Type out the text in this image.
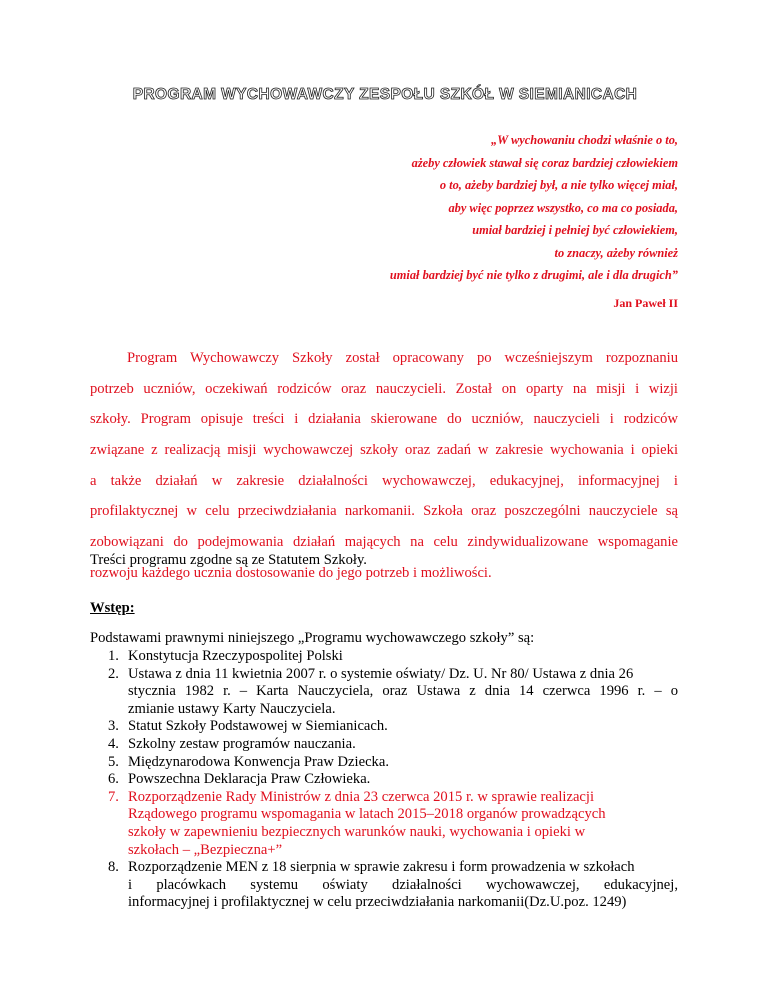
PROGRAM WYCHOWAWCZY ZESPOŁU SZKÓŁ W SIEMIANICACH
„W wychowaniu chodzi właśnie o to,
ażeby człowiek stawał się coraz bardziej człowiekiem
o to, ażeby bardziej był, a nie tylko więcej miał,
aby więc poprzez wszystko, co ma co posiada,
umiał bardziej i pełniej być człowiekiem,
to znaczy, ażeby również
umiał bardziej być nie tylko z drugimi, ale i dla drugich”
Jan Paweł II
Program Wychowawczy Szkoły został opracowany po wcześniejszym rozpoznaniu
potrzeb uczniów, oczekiwań rodziców oraz nauczycieli. Został on oparty na misji i wizji
szkoły. Program opisuje treści i działania skierowane do uczniów, nauczycieli i rodziców
związane z realizacją misji wychowawczej szkoły oraz zadań w zakresie wychowania i opieki
a także działań w zakresie działalności wychowawczej, edukacyjnej, informacyjnej i
profilaktycznej w celu przeciwdziałania narkomanii. Szkoła oraz poszczególni nauczyciele są
zobowiązani do podejmowania działań mających na celu zindywidualizowane wspomaganie
rozwoju każdego ucznia dostosowanie do jego potrzeb i możliwości.
Treści programu zgodne są ze Statutem Szkoły.
Wstęp:
Podstawami prawnymi niniejszego „Programu wychowawczego szkoły” są:
1. Konstytucja Rzeczypospolitej Polski
2. Ustawa z dnia 11 kwietnia 2007 r. o systemie oświaty/ Dz. U. Nr 80/ Ustawa z dnia 26
stycznia 1982 r. – Karta Nauczyciela, oraz Ustawa z dnia 14 czerwca 1996 r. – o
zmianie ustawy Karty Nauczyciela.
3. Statut Szkoły Podstawowej w Siemianicach.
4. Szkolny zestaw programów nauczania.
5. Międzynarodowa Konwencja Praw Dziecka.
6. Powszechna Deklaracja Praw Człowieka.
7. Rozporządzenie Rady Ministrów z dnia 23 czerwca 2015 r. w sprawie realizacji
Rządowego programu wspomagania w latach 2015–2018 organów prowadzących
szkoły w zapewnieniu bezpiecznych warunków nauki, wychowania i opieki w
szkołach – „Bezpieczna+”
8. Rozporządzenie MEN z 18 sierpnia w sprawie zakresu i form prowadzenia w szkołach
i placówkach systemu oświaty działalności wychowawczej, edukacyjnej,
informacyjnej i profilaktycznej w celu przeciwdziałania narkomanii(Dz.U.poz. 1249)
